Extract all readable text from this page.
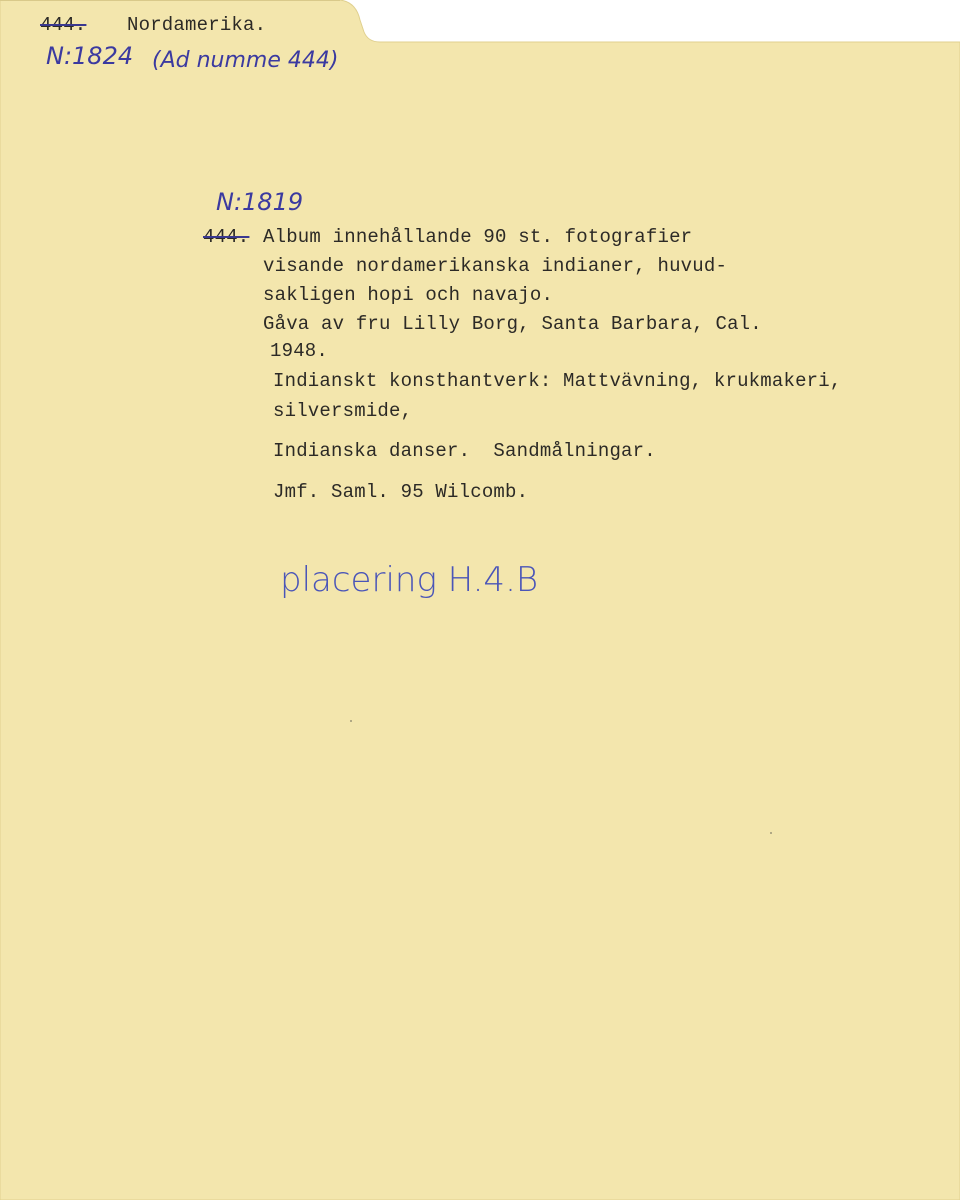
444. Nordamerika.
N:1824 (Ad numme 444)
N:1819
444. Album innehållande 90 st. fotografier
visande nordamerikanska indianer, huvud-
sakligen hopi och navajo.
Gåva av fru Lilly Borg, Santa Barbara, Cal.
1948.
Indianskt konsthantverk: Mattvävning, krukmakeri,
silversmide,
Indianska danser.  Sandmålningar.
Jmf. Saml. 95 Wilcomb.
placering H.4.B
